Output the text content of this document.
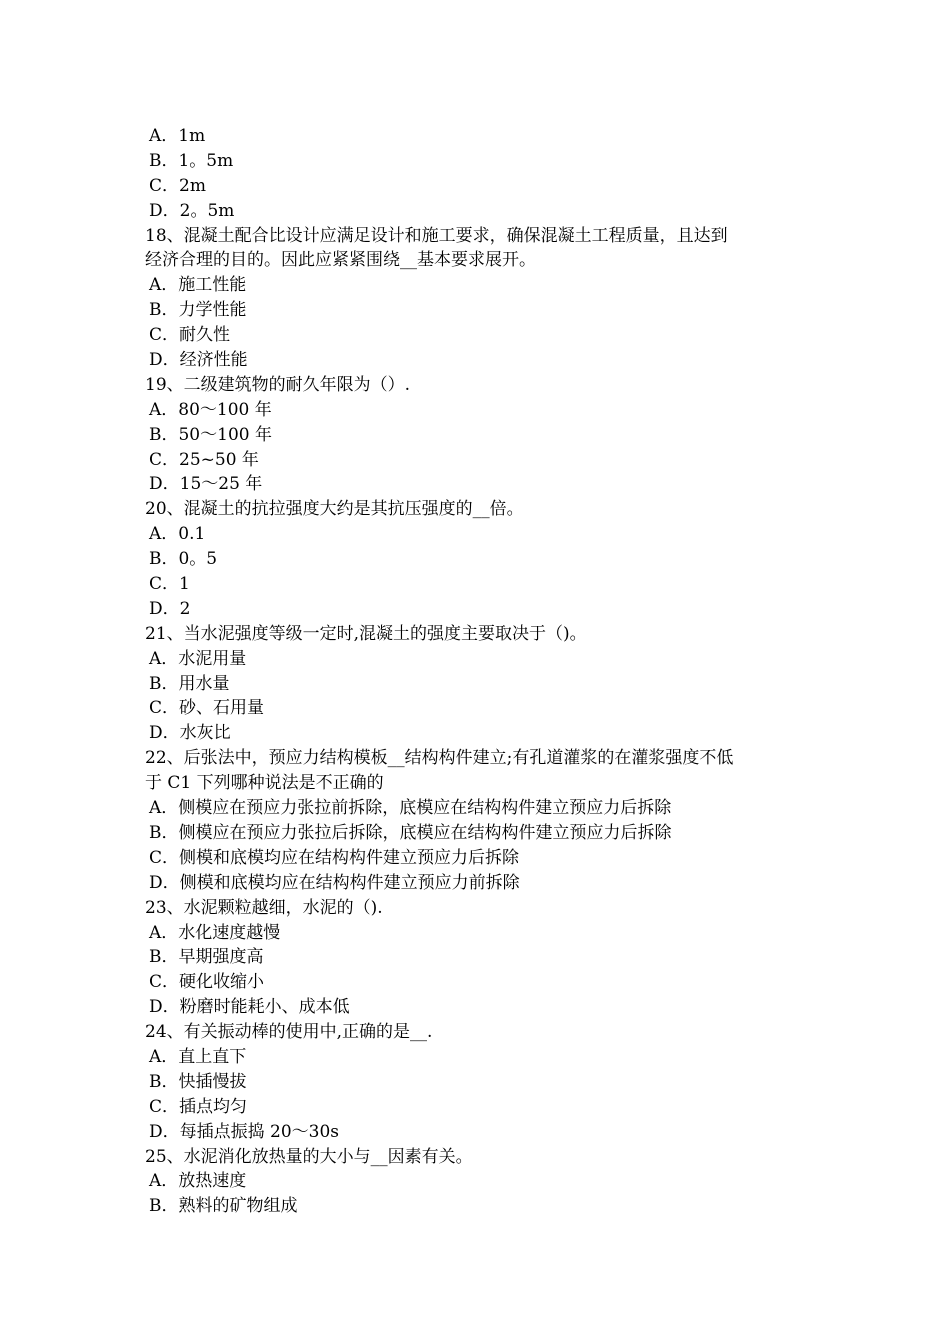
A．1m
B．1。5m
C．2m
D．2。5m
18、混凝土配合比设计应满足设计和施工要求，确保混凝土工程质量，且达到
经济合理的目的。因此应紧紧围绕__基本要求展开。
A．施工性能
B．力学性能
C．耐久性
D．经济性能
19、二级建筑物的耐久年限为（）.
A．80～100 年
B．50～100 年
C．25~50 年
D．15～25 年
20、混凝土的抗拉强度大约是其抗压强度的__倍。
A．0.1
B．0。5
C．1
D．2
21、当水泥强度等级一定时,混凝土的强度主要取决于（)。
A．水泥用量
B．用水量
C．砂、石用量
D．水灰比
22、后张法中，预应力结构模板__结构构件建立;有孔道灌浆的在灌浆强度不低
于 C1 下列哪种说法是不正确的
A．侧模应在预应力张拉前拆除，底模应在结构构件建立预应力后拆除
B．侧模应在预应力张拉后拆除，底模应在结构构件建立预应力后拆除
C．侧模和底模均应在结构构件建立预应力后拆除
D．侧模和底模均应在结构构件建立预应力前拆除
23、水泥颗粒越细，水泥的（).
A．水化速度越慢
B．早期强度高
C．硬化收缩小
D．粉磨时能耗小、成本低
24、有关振动棒的使用中,正确的是__.
A．直上直下
B．快插慢拔
C．插点均匀
D．每插点振捣 20～30s
25、水泥消化放热量的大小与__因素有关。
A．放热速度
B．熟料的矿物组成
